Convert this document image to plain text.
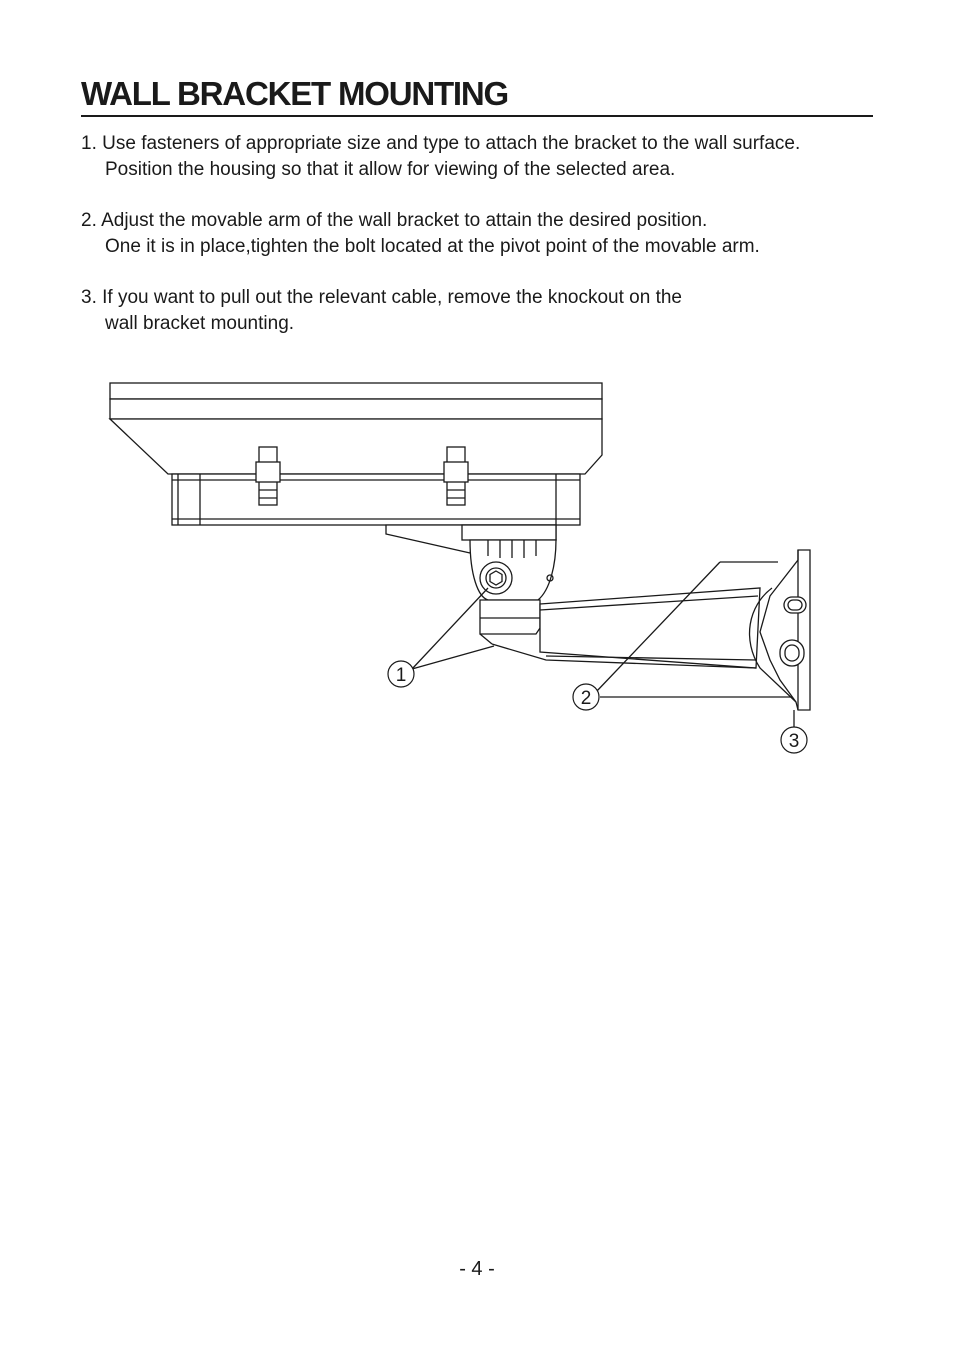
WALL BRACKET MOUNTING

1. Use fasteners of appropriate size and type to attach the bracket to the wall surface.
Position the housing so that it allow for viewing of the selected area.

2. Adjust the movable arm of the wall bracket to attain the desired position.
One it is in place,tighten the bolt located at the pivot point of the movable arm.

3. If you want to pull out the relevant cable, remove the knockout on the
wall bracket mounting.

1
2
3
- 4 -
